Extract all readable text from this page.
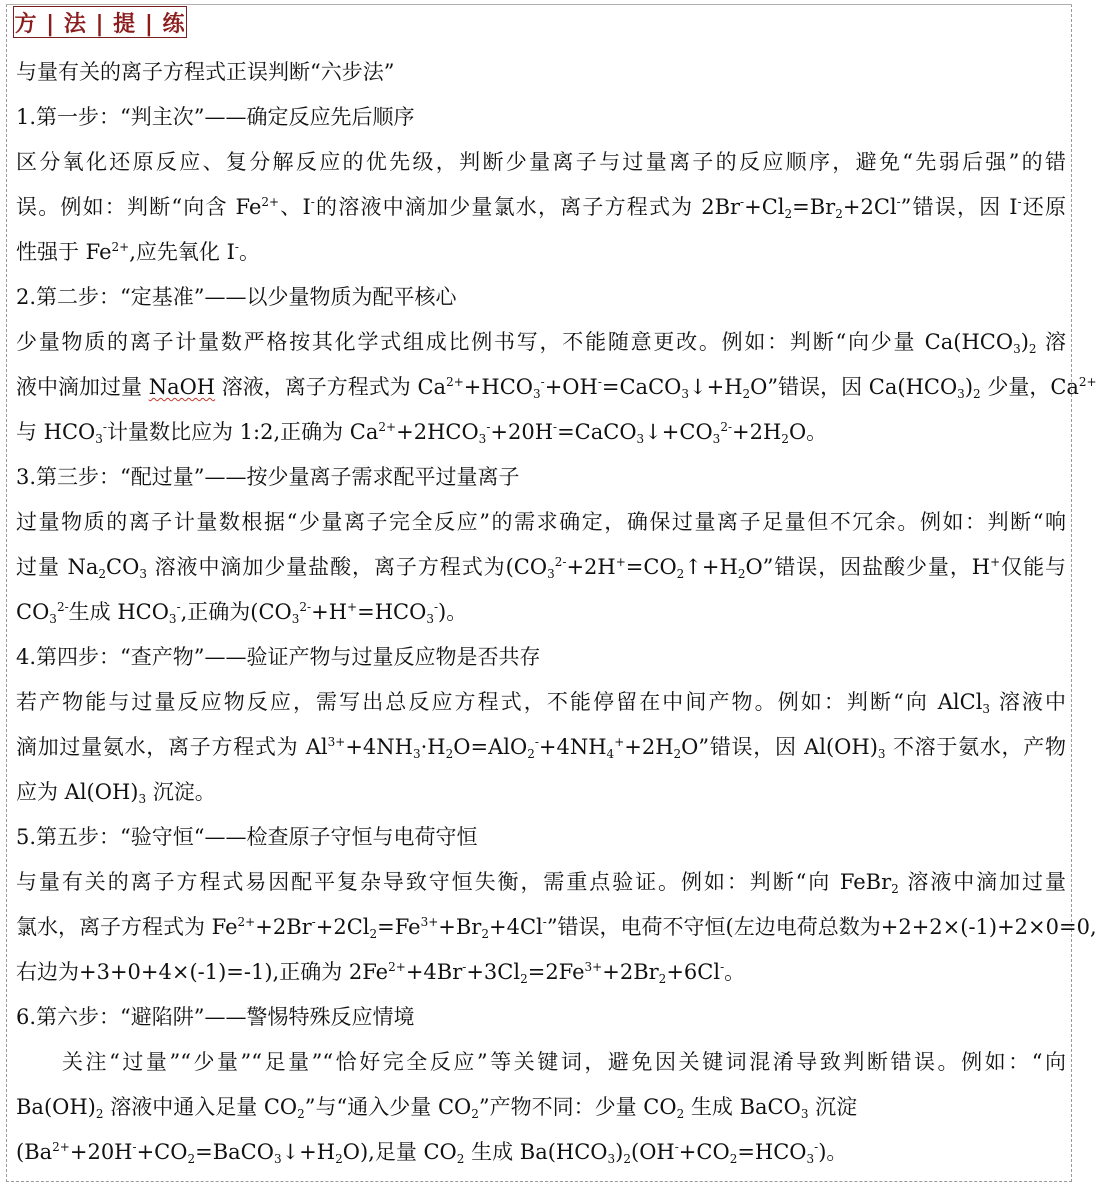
方 | 法 | 提 | 练
与量有关的离子方程式正误判断“六步法”
1.第一步：“判主次”——确定反应先后顺序
区分氧化还原反应、复分解反应的优先级，判断少量离子与过量离子的反应顺序，避免“先弱后强”的错
误。例如：判断“向含 $Fe^{2+}$、I-的溶液中滴加少量氯水，离子方程式为 $2Br^-+Cl_2=Br_2+2Cl^-$”错误，因 I-还原
性强于 $Fe^{2+}$,应先氧化 I-。
2.第二步：“定基准”——以少量物质为配平核心
少量物质的离子计量数严格按其化学式组成比例书写，不能随意更改。例如：判断“向少量 $Ca(HCO_3)_2$ 溶
液中滴加过量 NaOH 溶液，离子方程式为 $Ca^{2+}+HCO_3^-+OH^-=CaCO_3↓+H_2O$”错误，因 $Ca(HCO_3)_2$ 少量，$Ca^{2+}$
与 $HCO_3^-$计量数比应为 1:2,正确为 $Ca^{2+}+2HCO_3^-+20H^-=CaCO_3↓+CO_3^{2-}+2H_2O$。
3.第三步：“配过量”——按少量离子需求配平过量离子
过量物质的离子计量数根据“少量离子完全反应”的需求确定，确保过量离子足量但不冗余。例如：判断“响
过量 $Na_2CO_3$ 溶液中滴加少量盐酸，离子方程式为($CO_3^{2-}+2H^+=CO_2↑+H_2O$”错误，因盐酸少量，H+仅能与
$CO_3^{2-}$生成 $HCO_3^-$,正确为$(CO_3^{2-}+H^+=HCO_3^-)$。
4.第四步：“查产物”——验证产物与过量反应物是否共存
若产物能与过量反应物反应，需写出总反应方程式，不能停留在中间产物。例如：判断“向 AlCl$_3$ 溶液中
滴加过量氨水，离子方程式为 $Al^{3+}+4NH_3\cdot H_2O=AlO_2^-+4NH_4^++2H_2O$”错误，因 $Al(OH)_3$ 不溶于氨水，产物
应为 $Al(OH)_3$ 沉淀。
5.第五步：“验守恒“——检查原子守恒与电荷守恒
与量有关的离子方程式易因配平复杂导致守恒失衡，需重点验证。例如：判断“向 FeBr$_2$ 溶液中滴加过量
氯水，离子方程式为 $Fe^{2+}+2Br^-+2Cl_2=Fe^{3+}+Br_2+4Cl^-$”错误，电荷不守恒(左边电荷总数为+2+2×(-1)+2×0=0,
右边为+3+0+4×(-1)=-1),正确为 $2Fe^{2+}+4Br^-+3Cl_2=2Fe^{3+}+2Br_2+6Cl^-$。
6.第六步：“避陷阱”——警惕特殊反应情境
关注“过量”“少量”“足量”“恰好完全反应”等关键词，避免因关键词混淆导致判断错误。例如：“向
$Ba(OH)_2$ 溶液中通入足量 $CO_2$”与“通入少量 $CO_2$”产物不同：少量 $CO_2$ 生成 BaCO$_3$ 沉淀
$(Ba^{2+}+20H^-+CO_2=BaCO_3↓+H_2O)$,足量 $CO_2$ 生成 $Ba(HCO_3)_2(OH^-+CO_2=HCO_3^-)$。
